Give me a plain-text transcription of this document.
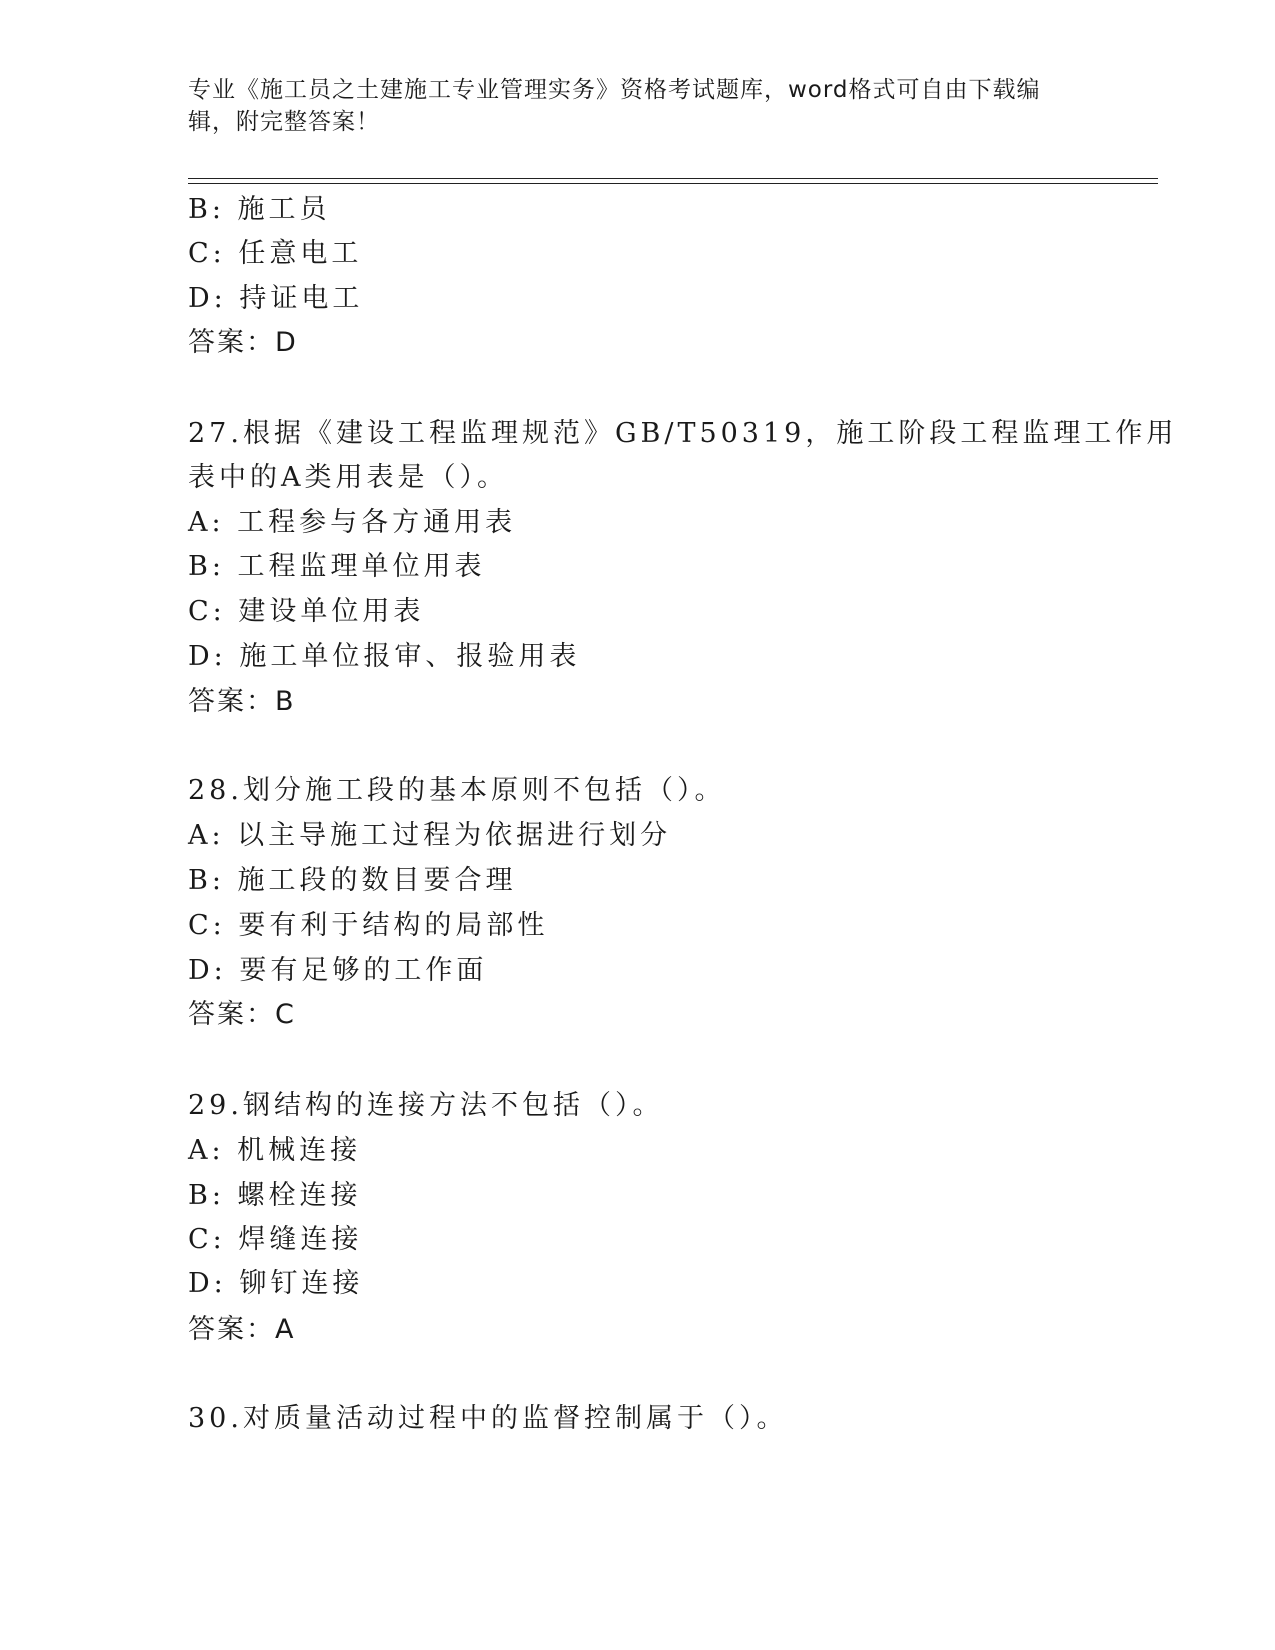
专业《施工员之土建施工专业管理实务》资格考试题库，word格式可自由下载编
辑，附完整答案！
B: 施工员
C: 任意电工
D: 持证电工
答案：D
27.根据《建设工程监理规范》GB/T50319，施工阶段工程监理工作用
表中的A类用表是（）。
A: 工程参与各方通用表
B: 工程监理单位用表
C: 建设单位用表
D: 施工单位报审、报验用表
答案：B
28.划分施工段的基本原则不包括（）。
A: 以主导施工过程为依据进行划分
B: 施工段的数目要合理
C: 要有利于结构的局部性
D: 要有足够的工作面
答案：C
29.钢结构的连接方法不包括（）。
A: 机械连接
B: 螺栓连接
C: 焊缝连接
D: 铆钉连接
答案：A
30.对质量活动过程中的监督控制属于（）。
